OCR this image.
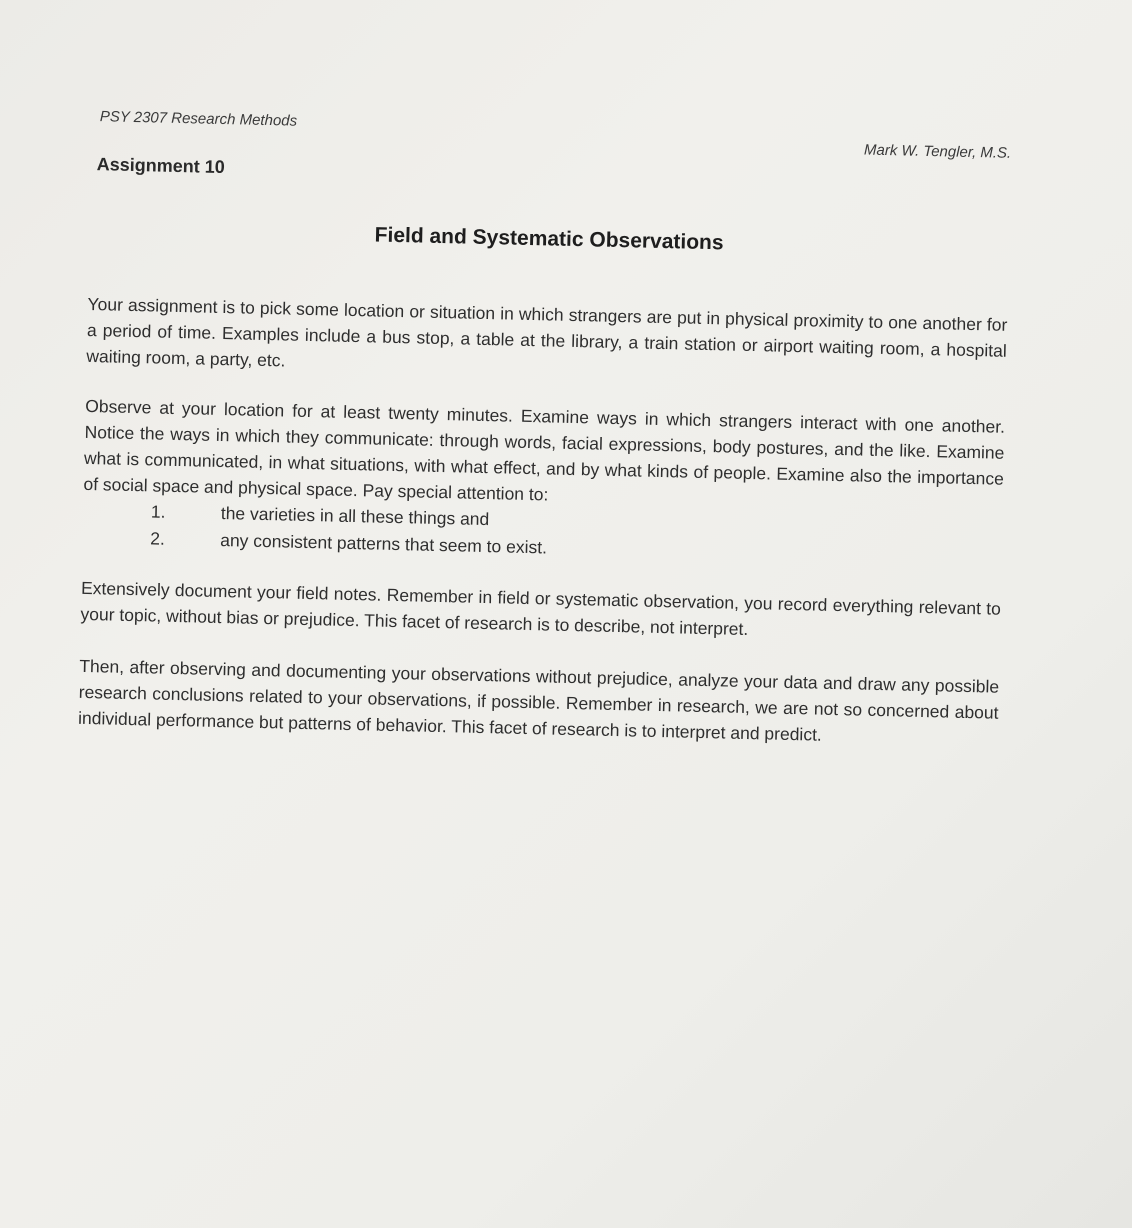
PSY 2307 Research Methods
Mark W. Tengler, M.S.
Assignment 10
Field and Systematic Observations

Your assignment is to pick some location or situation in which strangers are put in physical proximity to one another for a period of time. Examples include a bus stop, a table at the library, a train station or airport waiting room, a hospital waiting room, a party, etc.

Observe at your location for at least twenty minutes. Examine ways in which strangers interact with one another. Notice the ways in which they communicate: through words, facial expressions, body postures, and the like. Examine what is communicated, in what situations, with what effect, and by what kinds of people. Examine also the importance of social space and physical space. Pay special attention to:

1.	the varieties in all these things and
2.	any consistent patterns that seem to exist.

Extensively document your field notes. Remember in field or systematic observation, you record everything relevant to your topic, without bias or prejudice. This facet of research is to describe, not interpret.

Then, after observing and documenting your observations without prejudice, analyze your data and draw any possible research conclusions related to your observations, if possible. Remember in research, we are not so concerned about individual performance but patterns of behavior. This facet of research is to interpret and predict.
